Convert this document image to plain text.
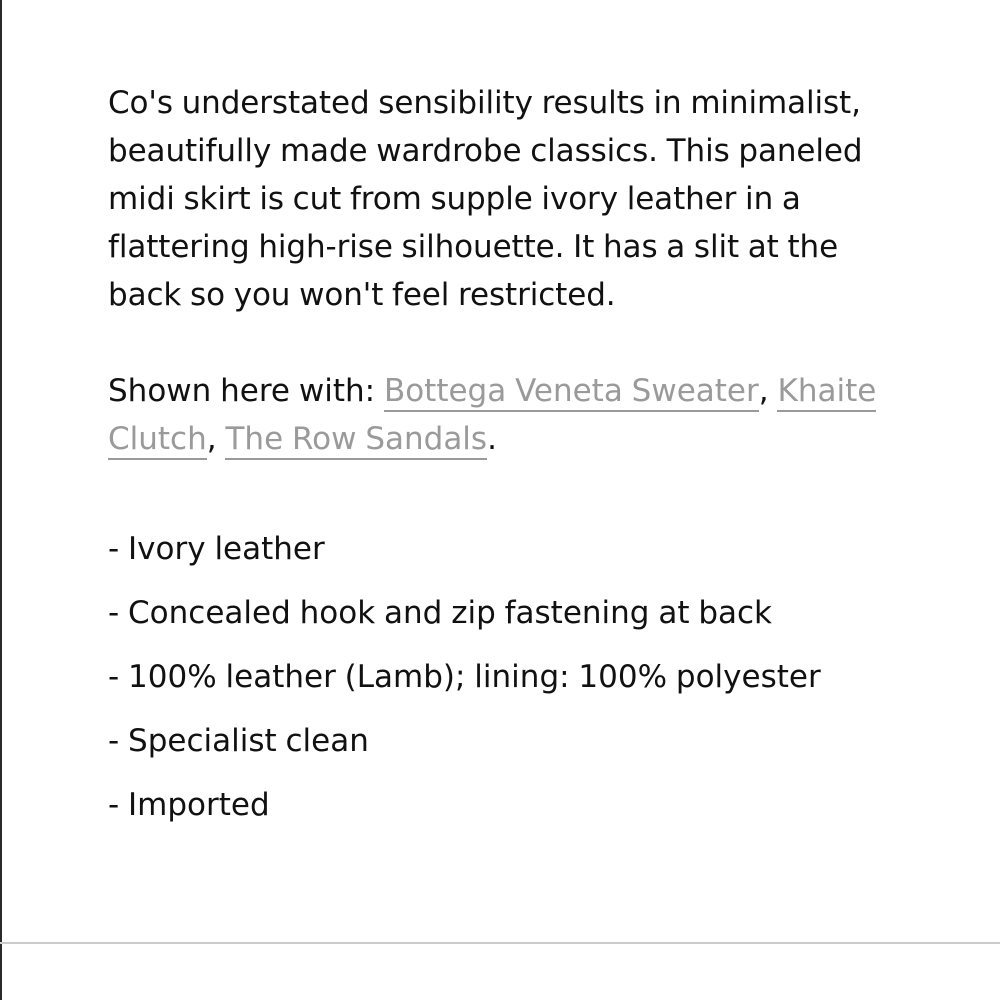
Co's understated sensibility results in minimalist, beautifully made wardrobe classics. This paneled midi skirt is cut from supple ivory leather in a flattering high-rise silhouette. It has a slit at the back so you won't feel restricted.

Shown here with: Bottega Veneta Sweater, Khaite Clutch, The Row Sandals.

- Ivory leather
- Concealed hook and zip fastening at back
- 100% leather (Lamb); lining: 100% polyester
- Specialist clean
- Imported
